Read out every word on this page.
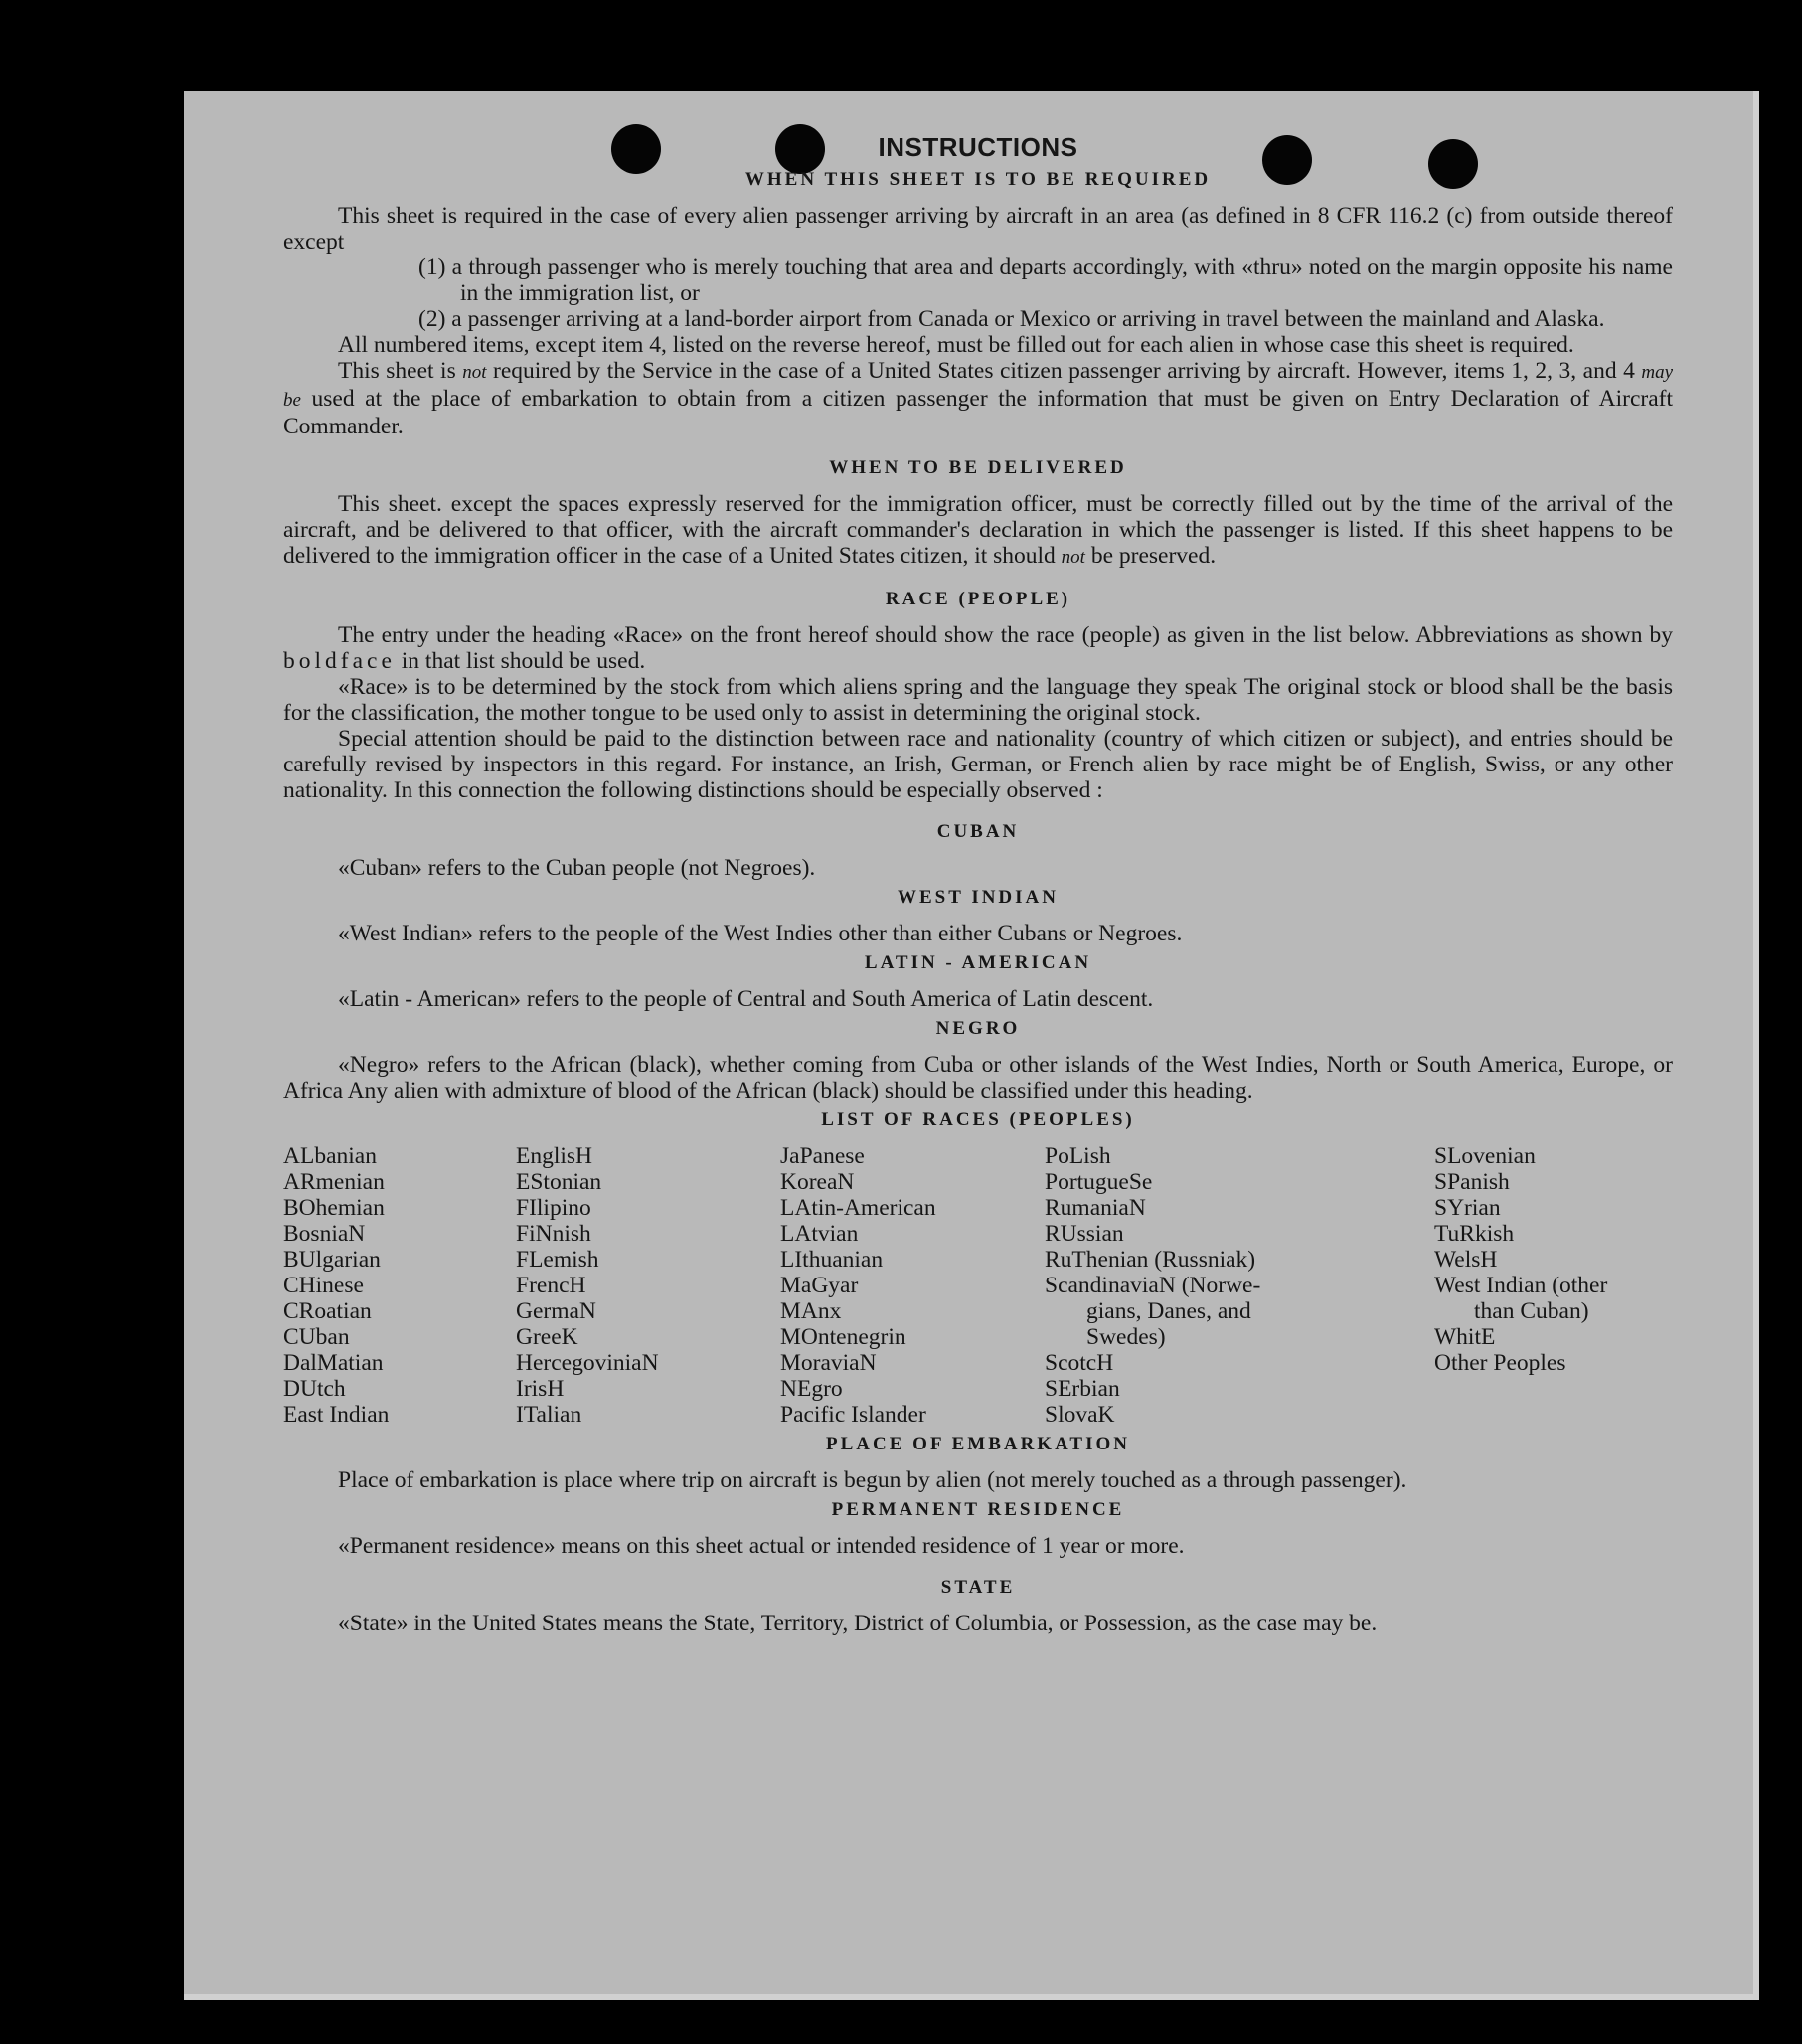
INSTRUCTIONS
WHEN THIS SHEET IS TO BE REQUIRED

This sheet is required in the case of every alien passenger arriving by aircraft in an area (as defined in 8 CFR 116.2 (c) from outside thereof except

(1) a through passenger who is merely touching that area and departs accordingly, with «thru» noted on the margin opposite his name in the immigration list, or

(2) a passenger arriving at a land-border airport from Canada or Mexico or arriving in travel between the mainland and Alaska.

All numbered items, except item 4, listed on the reverse hereof, must be filled out for each alien in whose case this sheet is required.

This sheet is not required by the Service in the case of a United States citizen passenger arriving by aircraft. However, items 1, 2, 3, and 4 may be used at the place of embarkation to obtain from a citizen passenger the information that must be given on Entry Declaration of Aircraft Commander.

WHEN TO BE DELIVERED

This sheet. except the spaces expressly reserved for the immigration officer, must be correctly filled out by the time of the arrival of the aircraft, and be delivered to that officer, with the aircraft commander's declaration in which the passenger is listed. If this sheet happens to be delivered to the immigration officer in the case of a United States citizen, it should not be preserved.

RACE (PEOPLE)

The entry under the heading «Race» on the front hereof should show the race (people) as given in the list below. Abbreviations as shown by boldface in that list should be used.

«Race» is to be determined by the stock from which aliens spring and the language they speak The original stock or blood shall be the basis for the classification, the mother tongue to be used only to assist in determining the original stock.

Special attention should be paid to the distinction between race and nationality (country of which citizen or subject), and entries should be carefully revised by inspectors in this regard. For instance, an Irish, German, or French alien by race might be of English, Swiss, or any other nationality. In this connection the following distinctions should be especially observed :

CUBAN

«Cuban» refers to the Cuban people (not Negroes).

WEST INDIAN

«West Indian» refers to the people of the West Indies other than either Cubans or Negroes.

LATIN - AMERICAN

«Latin - American» refers to the people of Central and South America of Latin descent.

NEGRO

«Negro» refers to the African (black), whether coming from Cuba or other islands of the West Indies, North or South America, Europe, or Africa Any alien with admixture of blood of the African (black) should be classified under this heading.

LIST OF RACES (PEOPLES)
ALbanian
ARmenian
BOhemian
BosniaN
BUlgarian
CHinese
CRoatian
CUban
DalMatian
DUtch
East Indian
EnglisH
EStonian
FIlipino
FiNnish
FLemish
FrencH
GermaN
GreeK
HercegoviniaN
IrisH
ITalian
JaPanese
KoreaN
LAtin-American
LAtvian
LIthuanian
MaGyar
MAnx
MOntenegrin
MoraviaN
NEgro
Pacific Islander
PoLish
PortugueSe
RumaniaN
RUssian
RuThenian (Russniak)
ScandinaviaN (Norwe-
gians, Danes, and
Swedes)
ScotcH
SErbian
SlovaK
SLovenian
SPanish
SYrian
TuRkish
WelsH
West Indian (other
than Cuban)
WhitE
Other Peoples
PLACE OF EMBARKATION

Place of embarkation is place where trip on aircraft is begun by alien (not merely touched as a through passenger).

PERMANENT RESIDENCE

«Permanent residence» means on this sheet actual or intended residence of 1 year or more.

STATE

«State» in the United States means the State, Territory, District of Columbia, or Possession, as the case may be.
